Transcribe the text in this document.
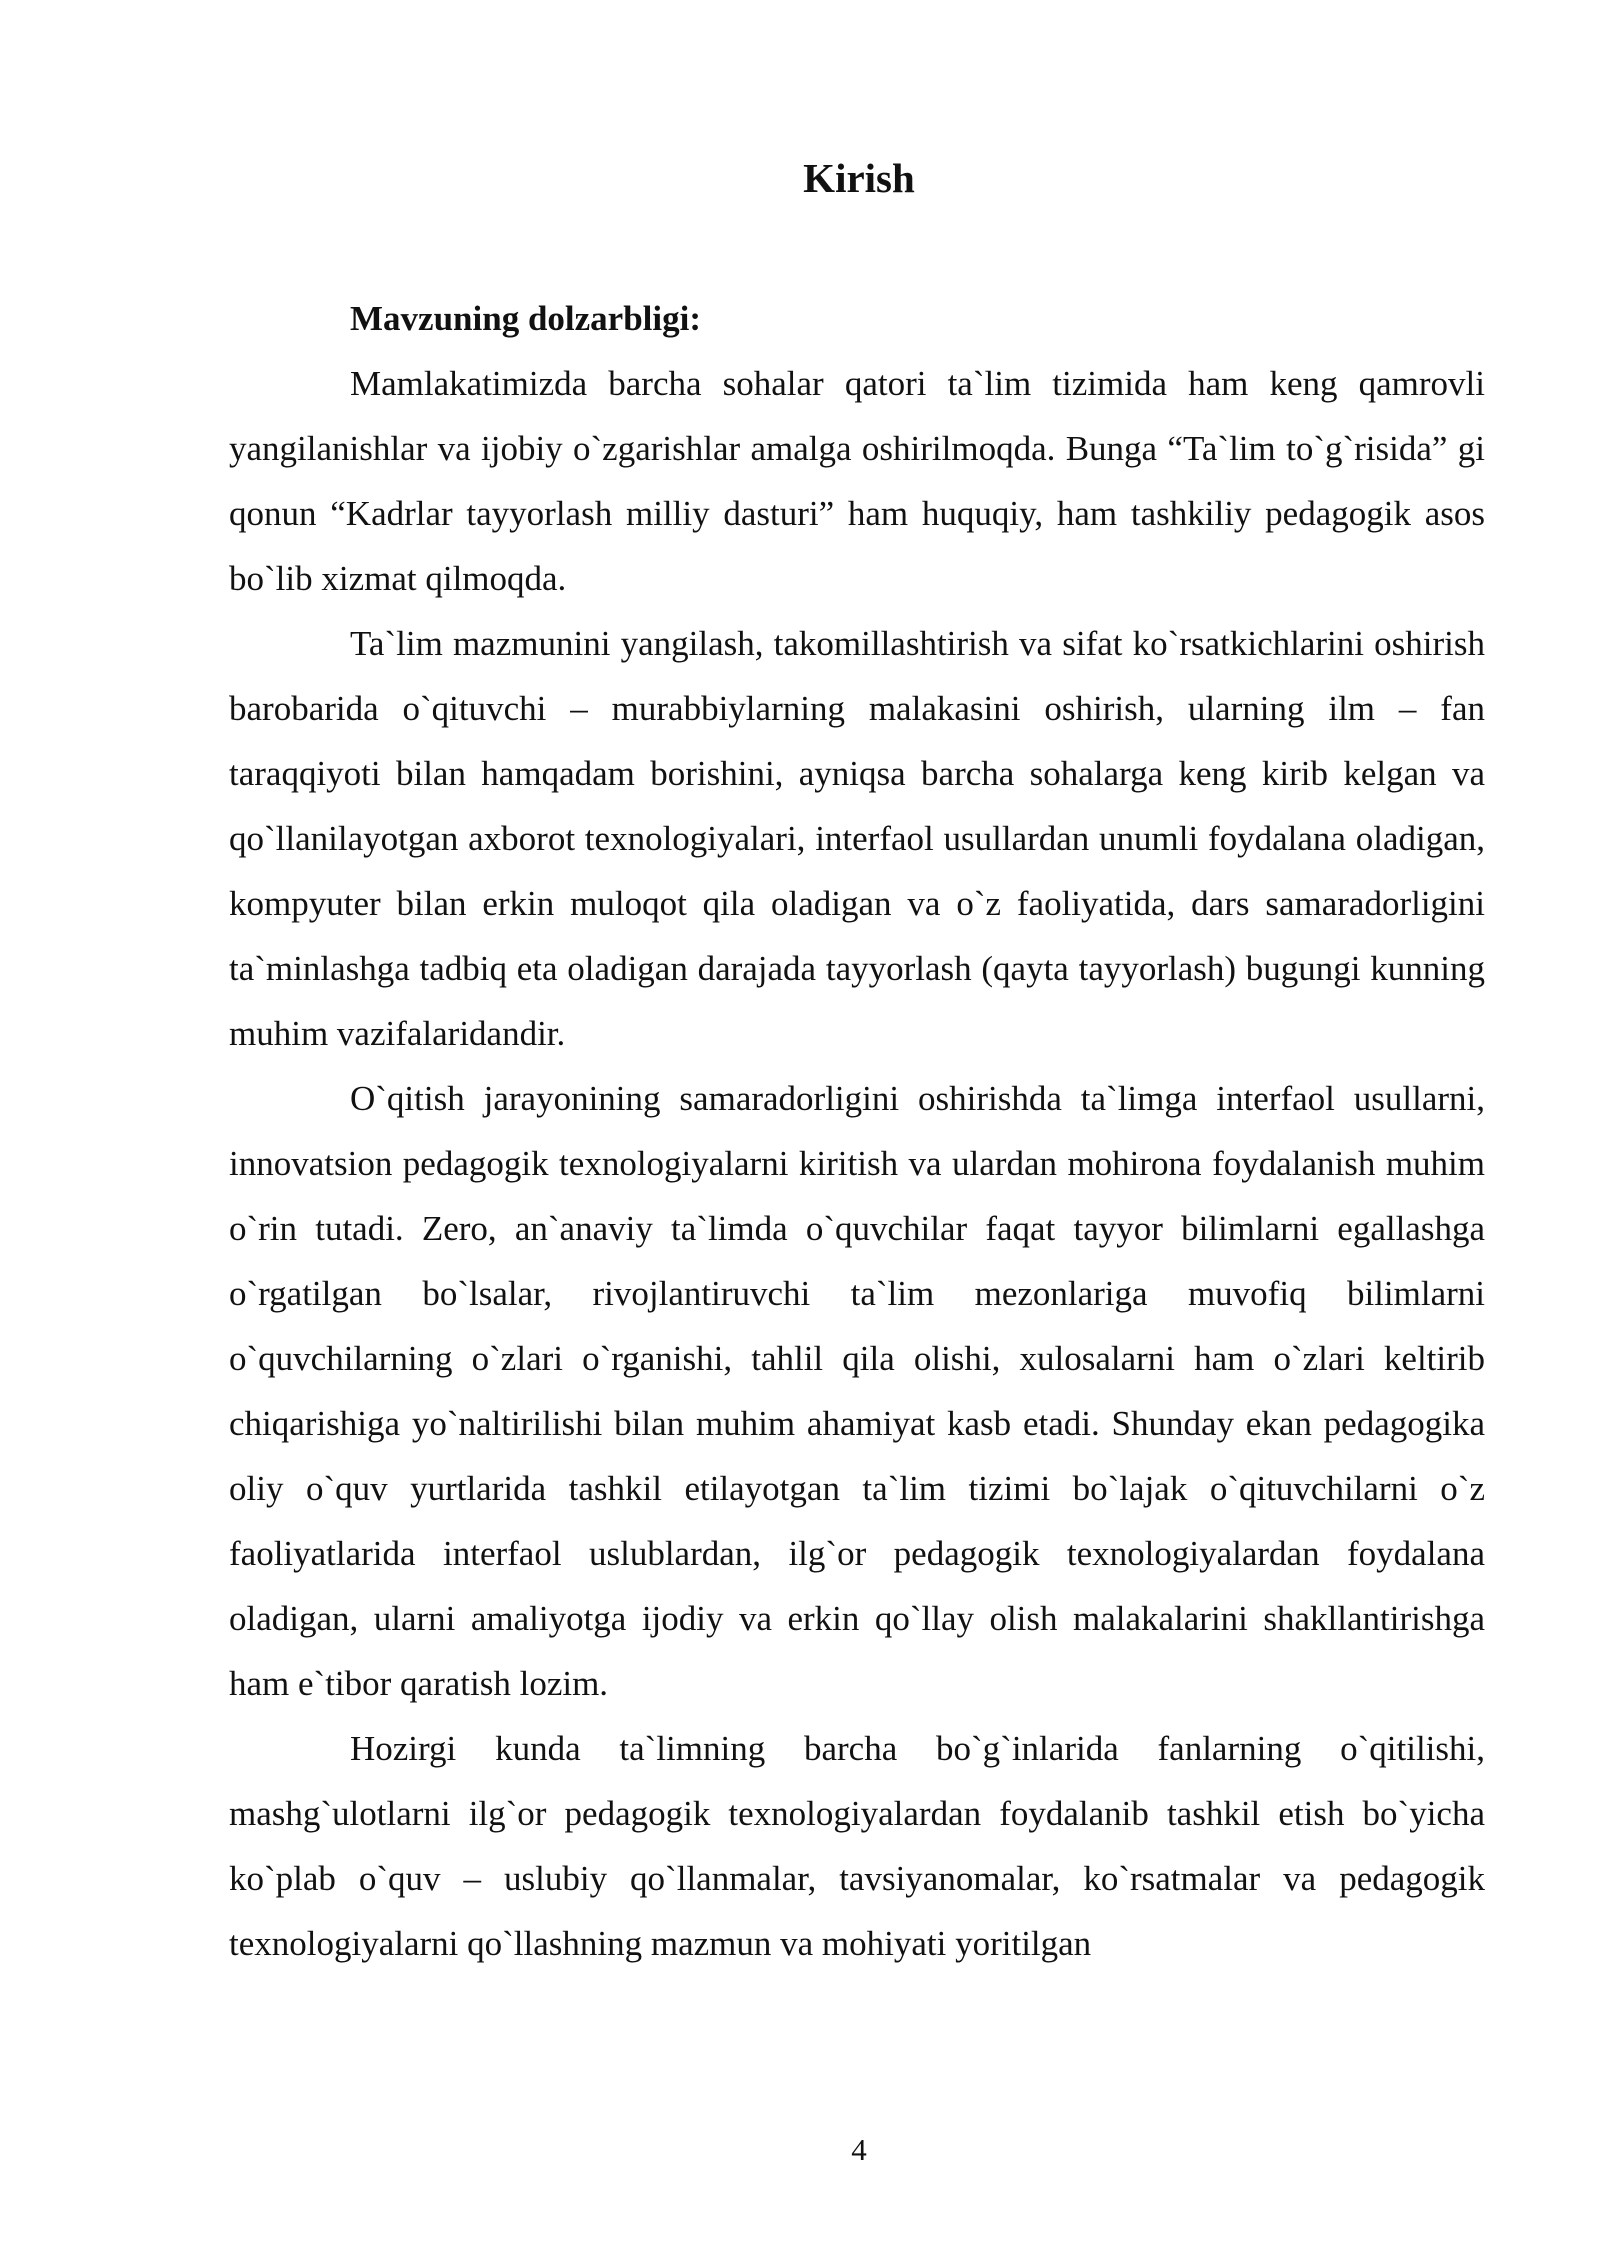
Kirish

Mavzuning dolzarbligi:

Mamlakatimizda barcha sohalar qatori ta`lim tizimida ham keng qamrovli yangilanishlar va ijobiy o`zgarishlar amalga oshirilmoqda. Bunga “Ta`lim to`g`risida” gi qonun “Kadrlar tayyorlash milliy dasturi” ham huquqiy, ham tashkiliy pedagogik asos bo`lib xizmat qilmoqda.

Ta`lim mazmunini yangilash, takomillashtirish va sifat ko`rsatkichlarini oshirish barobarida o`qituvchi – murabbiylarning malakasini oshirish, ularning ilm – fan taraqqiyoti bilan hamqadam borishini, ayniqsa barcha sohalarga keng kirib kelgan va qo`llanilayotgan axborot texnologiyalari, interfaol usullardan unumli foydalana oladigan, kompyuter bilan erkin muloqot qila oladigan va o`z faoliyatida, dars samaradorligini ta`minlashga tadbiq eta oladigan darajada tayyorlash (qayta tayyorlash) bugungi kunning muhim vazifalaridandir.

O`qitish jarayonining samaradorligini oshirishda ta`limga interfaol usullarni, innovatsion pedagogik texnologiyalarni kiritish va ulardan mohirona foydalanish muhim o`rin tutadi. Zero, an`anaviy ta`limda o`quvchilar faqat tayyor bilimlarni egallashga o`rgatilgan bo`lsalar, rivojlantiruvchi ta`lim mezonlariga muvofiq bilimlarni o`quvchilarning o`zlari o`rganishi, tahlil qila olishi, xulosalarni ham o`zlari keltirib chiqarishiga yo`naltirilishi bilan muhim ahamiyat kasb etadi. Shunday ekan pedagogika oliy o`quv yurtlarida tashkil etilayotgan ta`lim tizimi bo`lajak o`qituvchilarni o`z faoliyatlarida interfaol uslublardan, ilg`or pedagogik texnologiyalardan foydalana oladigan, ularni amaliyotga ijodiy va erkin qo`llay olish malakalarini shakllantirishga ham e`tibor qaratish lozim.

Hozirgi kunda ta`limning barcha bo`g`inlarida fanlarning o`qitilishi, mashg`ulotlarni ilg`or pedagogik texnologiyalardan foydalanib tashkil etish bo`yicha ko`plab o`quv – uslubiy qo`llanmalar, tavsiyanomalar, ko`rsatmalar va pedagogik texnologiyalarni qo`llashning mazmun va mohiyati yoritilgan

4
